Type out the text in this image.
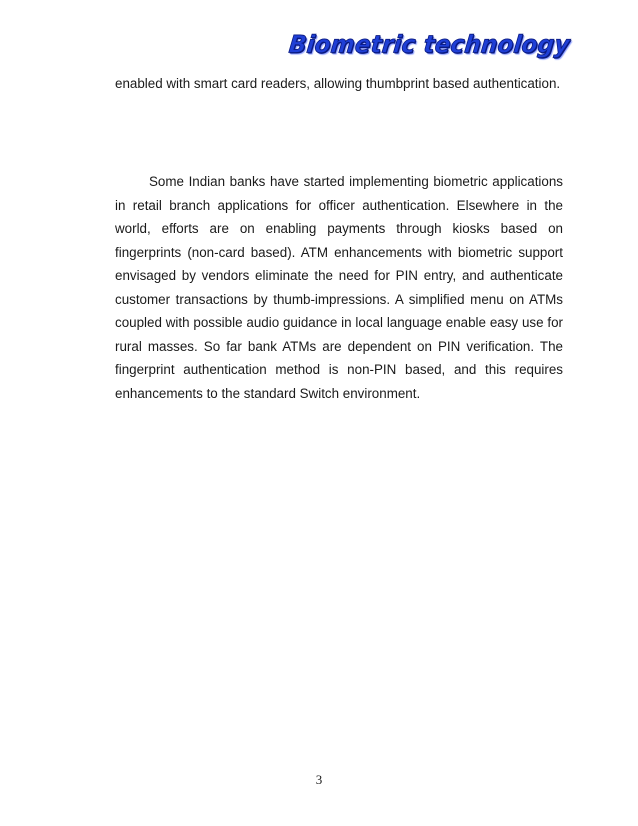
Biometric technology

enabled with smart card readers, allowing thumbprint based authentication.

Some Indian banks have started implementing biometric applications in retail branch applications for officer authentication. Elsewhere in the world, efforts are on enabling payments through kiosks based on fingerprints (non-card based). ATM enhancements with biometric support envisaged by vendors eliminate the need for PIN entry, and authenticate customer transactions by thumb-impressions. A simplified menu on ATMs coupled with possible audio guidance in local language enable easy use for rural masses. So far bank ATMs are dependent on PIN verification. The fingerprint authentication method is non-PIN based, and this requires enhancements to the standard Switch environment.

3
